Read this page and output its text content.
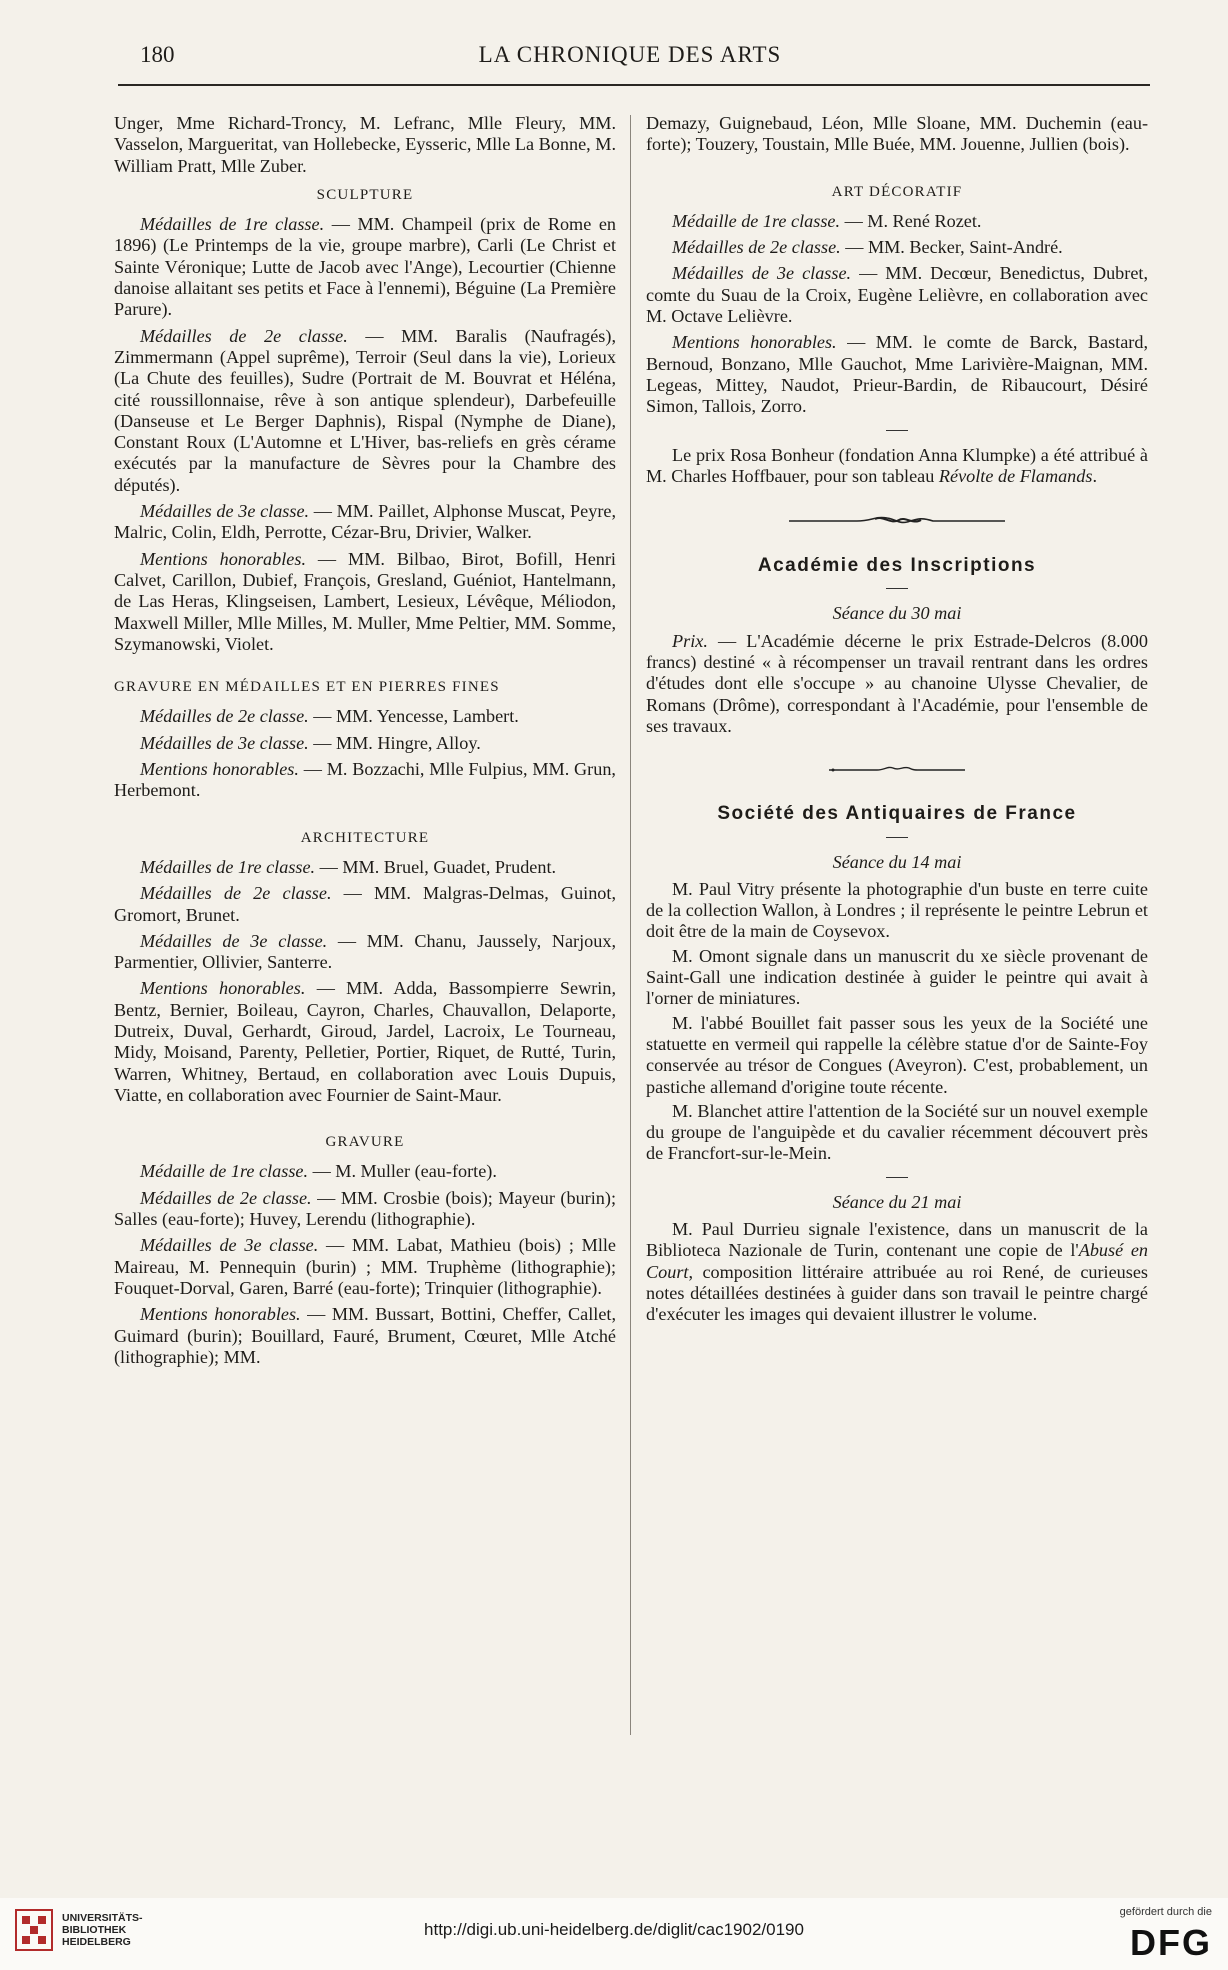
180	LA CHRONIQUE DES ARTS

Unger, Mme Richard-Troncy, M. Lefranc, Mlle Fleury, MM. Vasselon, Margueritat, van Hollebecke, Eysseric, Mlle La Bonne, M. William Pratt, Mlle Zuber.

SCULPTURE

Médailles de 1re classe. — MM. Champeil (prix de Rome en 1896) (Le Printemps de la vie, groupe marbre), Carli (Le Christ et Sainte Véronique; Lutte de Jacob avec l'Ange), Lecourtier (Chienne danoise allaitant ses petits et Face à l'ennemi), Béguine (La Première Parure).

Médailles de 2e classe. — MM. Baralis (Naufragés), Zimmermann (Appel suprême), Terroir (Seul dans la vie), Lorieux (La Chute des feuilles), Sudre (Portrait de M. Bouvrat et Héléna, cité roussillonnaise, rêve à son antique splendeur), Darbefeuille (Danseuse et Le Berger Daphnis), Rispal (Nymphe de Diane), Constant Roux (L'Automne et L'Hiver, bas-reliefs en grès cérame exécutés par la manufacture de Sèvres pour la Chambre des députés).

Médailles de 3e classe. — MM. Paillet, Alphonse Muscat, Peyre, Malric, Colin, Eldh, Perrotte, Cézar-Bru, Drivier, Walker.

Mentions honorables. — MM. Bilbao, Birot, Bofill, Henri Calvet, Carillon, Dubief, François, Gresland, Guéniot, Hantelmann, de Las Heras, Klingseisen, Lambert, Lesieux, Lévêque, Méliodon, Maxwell Miller, Mlle Milles, M. Muller, Mme Peltier, MM. Somme, Szymanowski, Violet.

GRAVURE EN MÉDAILLES ET EN PIERRES FINES

Médailles de 2e classe. — MM. Yencesse, Lambert.

Médailles de 3e classe. — MM. Hingre, Alloy.

Mentions honorables. — M. Bozzachi, Mlle Fulpius, MM. Grun, Herbemont.

ARCHITECTURE

Médailles de 1re classe. — MM. Bruel, Guadet, Prudent.

Médailles de 2e classe. — MM. Malgras-Delmas, Guinot, Gromort, Brunet.

Médailles de 3e classe. — MM. Chanu, Jaussely, Narjoux, Parmentier, Ollivier, Santerre.

Mentions honorables. — MM. Adda, Bassompierre Sewrin, Bentz, Bernier, Boileau, Cayron, Charles, Chauvallon, Delaporte, Dutreix, Duval, Gerhardt, Giroud, Jardel, Lacroix, Le Tourneau, Midy, Moisand, Parenty, Pelletier, Portier, Riquet, de Rutté, Turin, Warren, Whitney, Bertaud, en collaboration avec Louis Dupuis, Viatte, en collaboration avec Fournier de Saint-Maur.

GRAVURE

Médaille de 1re classe. — M. Muller (eau-forte).

Médailles de 2e classe. — MM. Crosbie (bois); Mayeur (burin); Salles (eau-forte); Huvey, Lerendu (lithographie).

Médailles de 3e classe. — MM. Labat, Mathieu (bois) ; Mlle Maireau, M. Pennequin (burin) ; MM. Truphème (lithographie); Fouquet-Dorval, Garen, Barré (eau-forte); Trinquier (lithographie).

Mentions honorables. — MM. Bussart, Bottini, Cheffer, Callet, Guimard (burin); Bouillard, Fauré, Brument, Cœuret, Mlle Atché (lithographie); MM.

Demazy, Guignebaud, Léon, Mlle Sloane, MM. Duchemin (eau-forte); Touzery, Toustain, Mlle Buée, MM. Jouenne, Jullien (bois).

ART DÉCORATIF

Médaille de 1re classe. — M. René Rozet.

Médailles de 2e classe. — MM. Becker, Saint-André.

Médailles de 3e classe. — MM. Decœur, Benedictus, Dubret, comte du Suau de la Croix, Eugène Lelièvre, en collaboration avec M. Octave Lelièvre.

Mentions honorables. — MM. le comte de Barck, Bastard, Bernoud, Bonzano, Mlle Gauchot, Mme Larivière-Maignan, MM. Legeas, Mittey, Naudot, Prieur-Bardin, de Ribaucourt, Désiré Simon, Tallois, Zorro.

Le prix Rosa Bonheur (fondation Anna Klumpke) a été attribué à M. Charles Hoffbauer, pour son tableau Révolte de Flamands.

Académie des Inscriptions
Séance du 30 mai

Prix. — L'Académie décerne le prix Estrade-Delcros (8.000 francs) destiné « à récompenser un travail rentrant dans les ordres d'études dont elle s'occupe » au chanoine Ulysse Chevalier, de Romans (Drôme), correspondant à l'Académie, pour l'ensemble de ses travaux.

Société des Antiquaires de France
Séance du 14 mai

M. Paul Vitry présente la photographie d'un buste en terre cuite de la collection Wallon, à Londres ; il représente le peintre Lebrun et doit être de la main de Coysevox.

M. Omont signale dans un manuscrit du xe siècle provenant de Saint-Gall une indication destinée à guider le peintre qui avait à l'orner de miniatures.

M. l'abbé Bouillet fait passer sous les yeux de la Société une statuette en vermeil qui rappelle la célèbre statue d'or de Sainte-Foy conservée au trésor de Congues (Aveyron). C'est, probablement, un pastiche allemand d'origine toute récente.

M. Blanchet attire l'attention de la Société sur un nouvel exemple du groupe de l'anguipède et du cavalier récemment découvert près de Francfort-sur-le-Mein.

Séance du 21 mai

M. Paul Durrieu signale l'existence, dans un manuscrit de la Biblioteca Nazionale de Turin, contenant une copie de l'Abusé en Court, composition littéraire attribuée au roi René, de curieuses notes détaillées destinées à guider dans son travail le peintre chargé d'exécuter les images qui devaient illustrer le volume.

UNIVERSITÄTS-
BIBLIOTHEK
HEIDELBERG
http://digi.ub.uni-heidelberg.de/diglit/cac1902/0190
gefördert durch die
DFG
